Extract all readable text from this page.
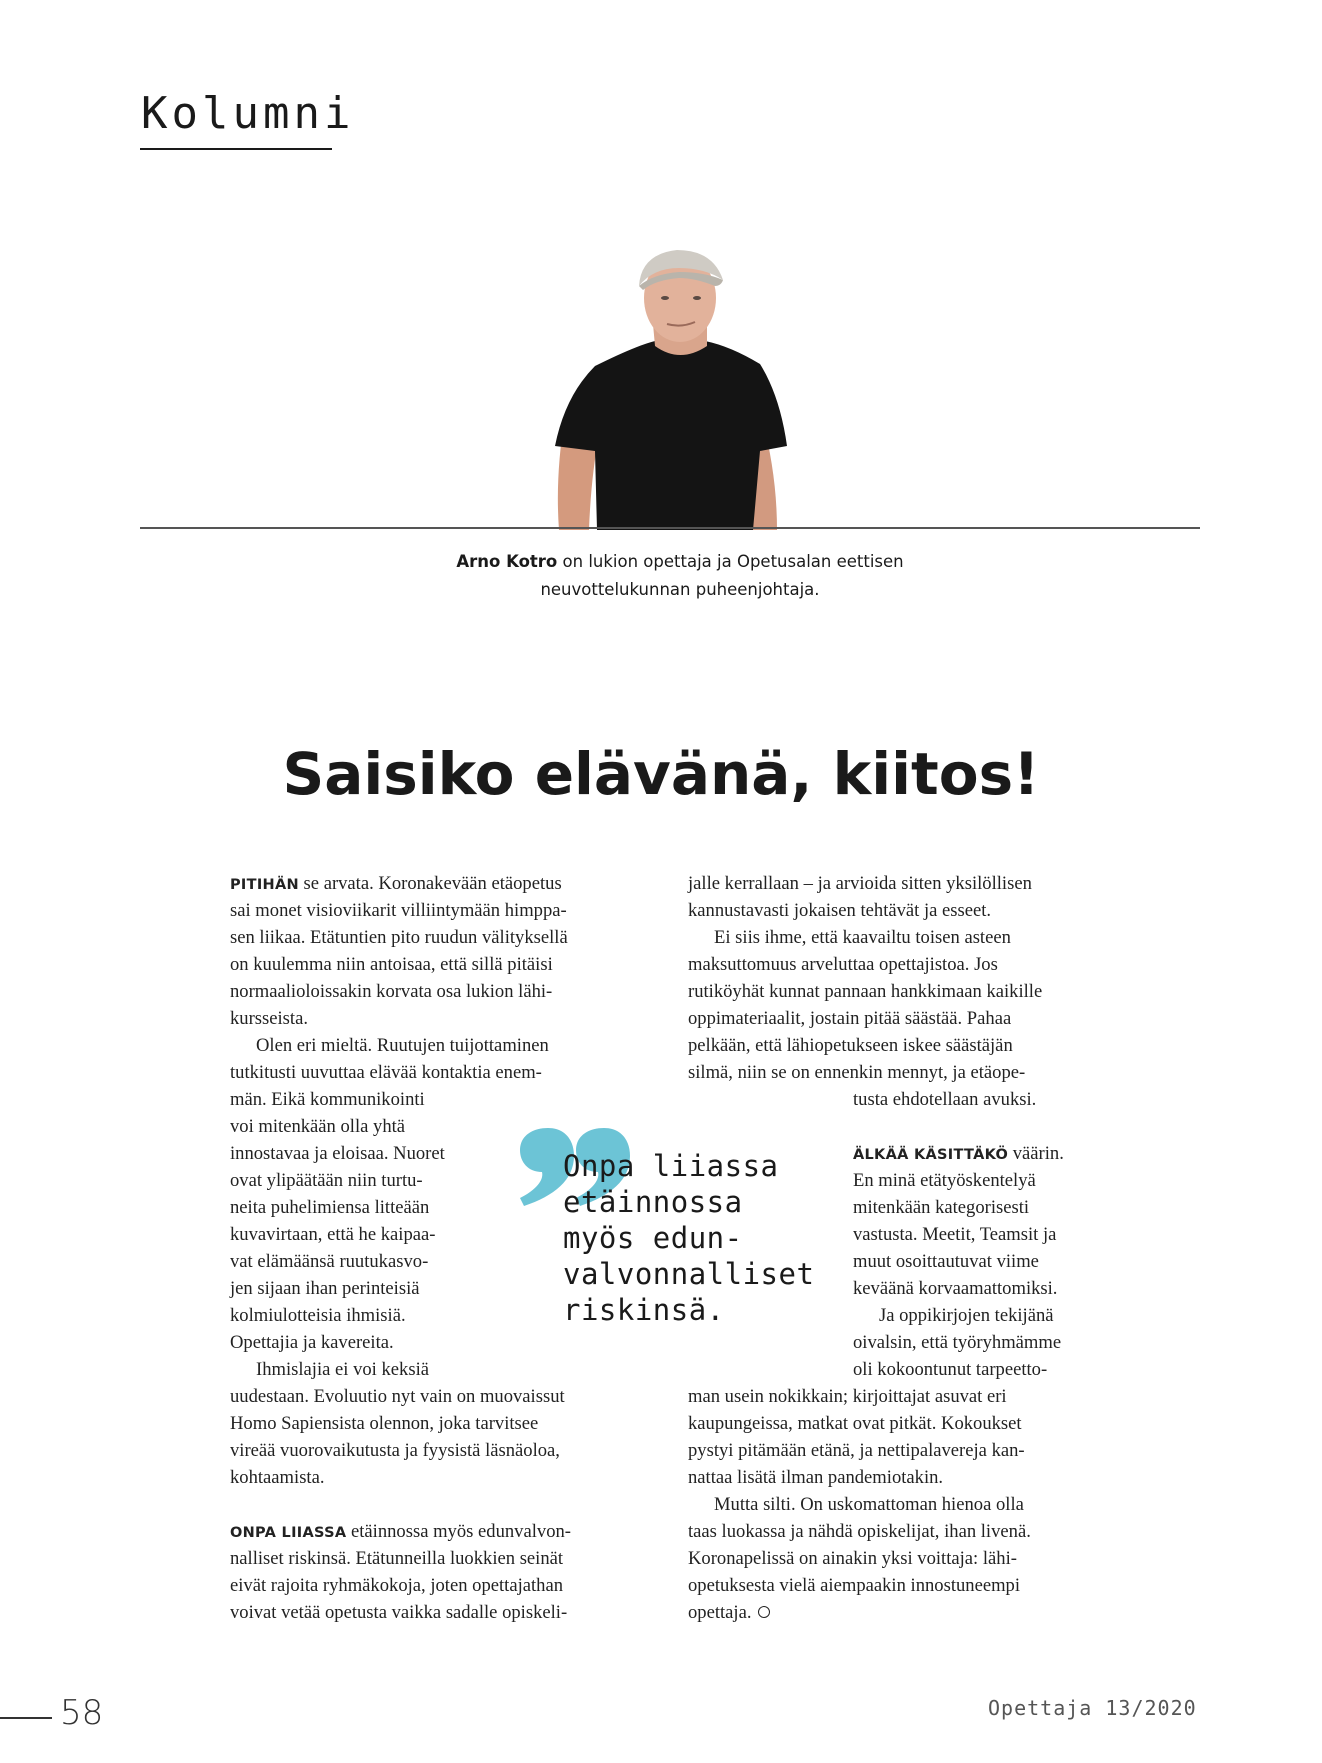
Kolumni
Arno Kotro on lukion opettaja ja Opetusalan eettisen
neuvottelukunnan puheenjohtaja.
Saisiko elävänä, kiitos!
PITIHÄN se arvata. Koronakevään etäopetus
sai monet visioviikarit villiintymään himppa-
sen liikaa. Etätuntien pito ruudun välityksellä
on kuulemma niin antoisaa, että sillä pitäisi
normaalioloissakin korvata osa lukion lähi-
kursseista.
Olen eri mieltä. Ruutujen tuijottaminen
tutkitusti uuvuttaa elävää kontaktia enem-
män. Eikä kommunikointi
voi mitenkään olla yhtä
innostavaa ja eloisaa. Nuoret
ovat ylipäätään niin turtu-
neita puhelimiensa litteään
kuvavirtaan, että he kaipaa-
vat elämäänsä ruutukasvo-
jen sijaan ihan perinteisiä
kolmiulotteisia ihmisiä.
Opettajia ja kavereita.
Ihmislajia ei voi keksiä
uudestaan. Evoluutio nyt vain on muovaissut
Homo Sapiensista olennon, joka tarvitsee
vireää vuorovaikutusta ja fyysistä läsnäoloa,
kohtaamista.
ONPA LIIASSA etäinnossa myös edunvalvon-
nalliset riskinsä. Etätunneilla luokkien seinät
eivät rajoita ryhmäkokoja, joten opettajathan
voivat vetää opetusta vaikka sadalle opiskeli-
jalle kerrallaan – ja arvioida sitten yksilöllisen
kannustavasti jokaisen tehtävät ja esseet.
Ei siis ihme, että kaavailtu toisen asteen
maksuttomuus arveluttaa opettajistoa. Jos
rutiköyhät kunnat pannaan hankkimaan kaikille
oppimateriaalit, jostain pitää säästää. Pahaa
pelkään, että lähiopetukseen iskee säästäjän
silmä, niin se on ennenkin mennyt, ja etäope-
tusta ehdotellaan avuksi.
ÄLKÄÄ KÄSITTÄKÖ väärin.
En minä etätyöskentelyä
mitenkään kategorisesti
vastusta. Meetit, Teamsit ja
muut osoittautuvat viime
keväänä korvaamattomiksi.
Ja oppikirjojen tekijänä
oivalsin, että työryhmämme
oli kokoontunut tarpeetto-
man usein nokikkain; kirjoittajat asuvat eri
kaupungeissa, matkat ovat pitkät. Kokoukset
pystyi pitämään etänä, ja nettipalavereja kan-
nattaa lisätä ilman pandemiotakin.
Mutta silti. On uskomattoman hienoa olla
taas luokassa ja nähdä opiskelijat, ihan livenä.
Koronapelissä on ainakin yksi voittaja: lähi-
opetuksesta vielä aiempaakin innostuneempi
opettaja.
Onpa liiassa
etäinnossa
myös edun-
valvonnalliset
riskinsä.
58	Opettaja 13/2020
